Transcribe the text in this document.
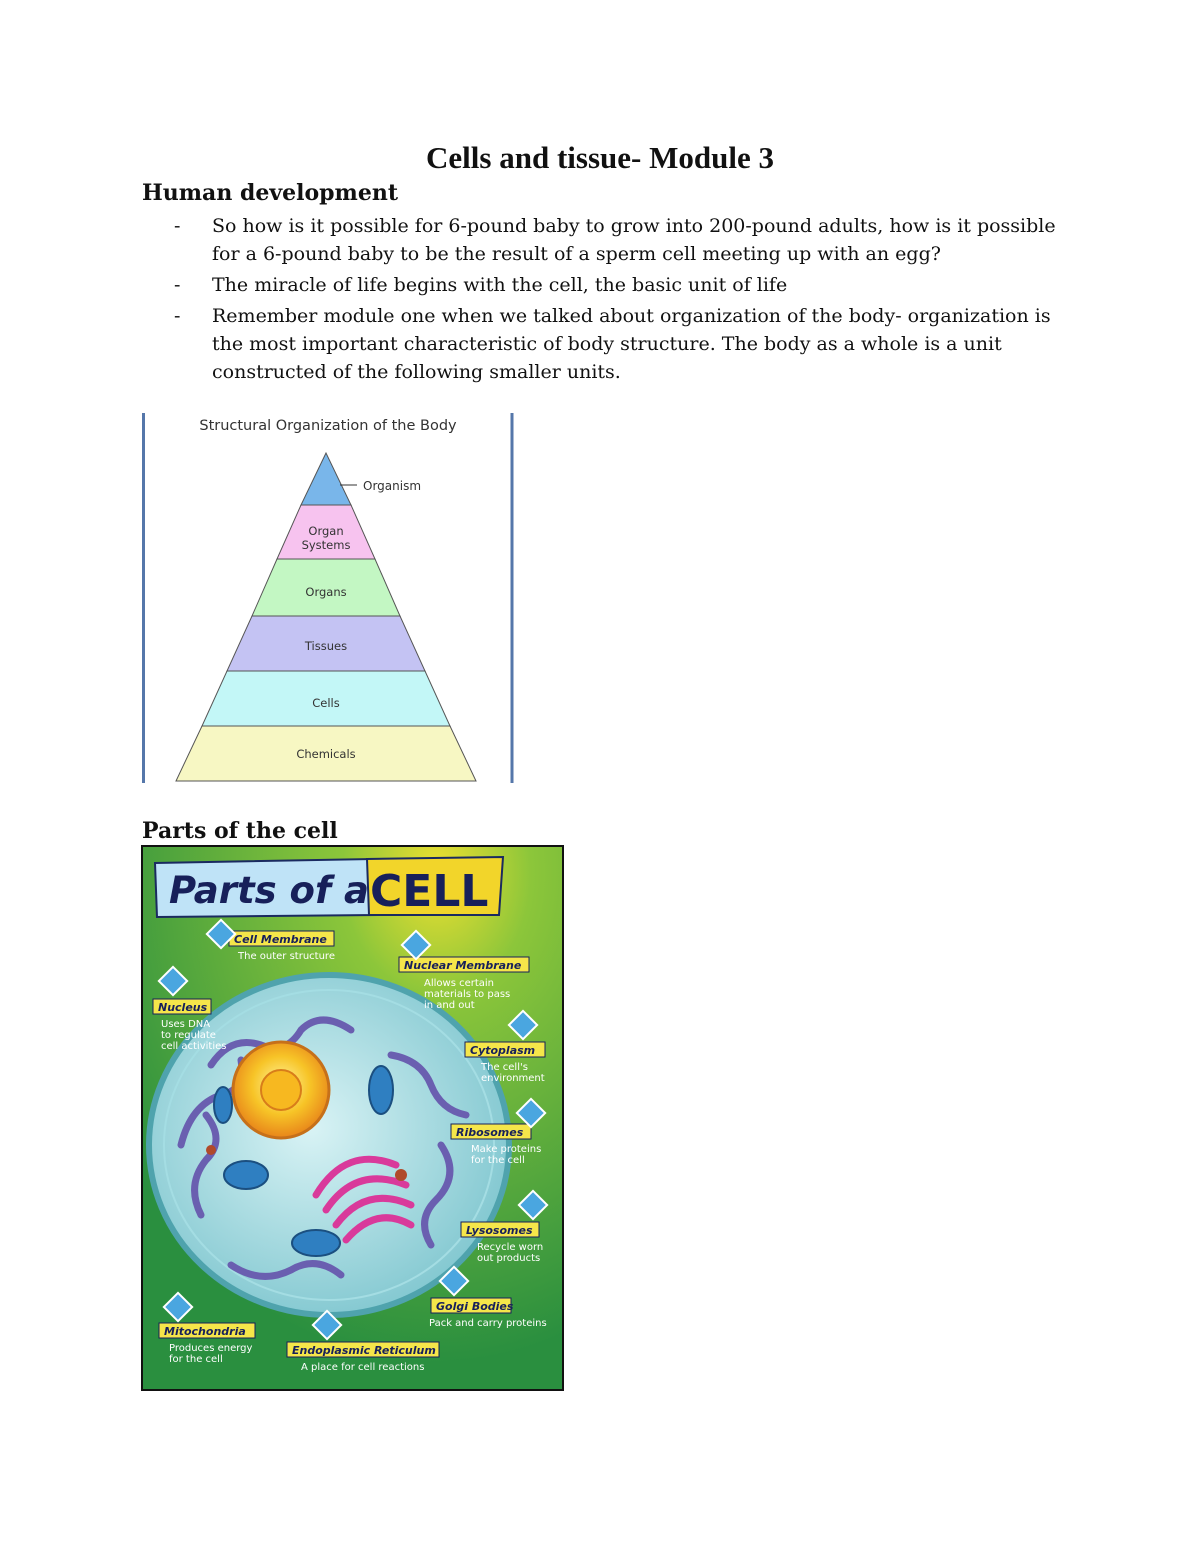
Cells and tissue- Module 3
Human development
- So how is it possible for 6-pound baby to grow into 200-pound adults, how is it possible for a 6-pound baby to be the result of a sperm cell meeting up with an egg?
- The miracle of life begins with the cell, the basic unit of life
- Remember module one when we talked about organization of the body- organization is the most important characteristic of body structure. The body as a whole is a unit constructed of the following smaller units.
Structural Organization of the Body
Organism
Organ
Systems
Organs
Tissues
Cells
Chemicals
Parts of the cell
Parts of a CELL
Cell Membrane
The outer structure
Nuclear Membrane
Allows certain
materials to pass
in and out
Nucleus
Uses DNA
to regulate
cell activities	Cytoplasm
The cell's
environment
Ribosomes
Make proteins
for the cell
Lysosomes
Recycle worn
out products
Golgi Bodies
Pack and carry proteins
Mitochondria
Produces energy
for the cell
Endoplasmic Reticulum
A place for cell reactions
